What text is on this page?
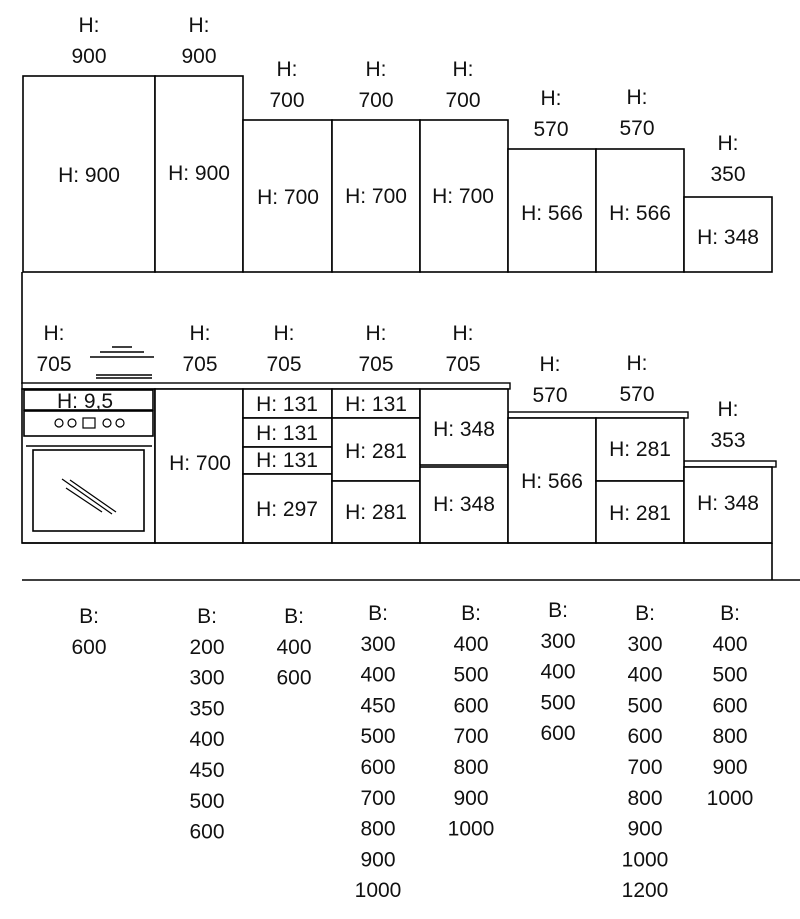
H:
900
H:
900
H:
700
H:
700
H:
700	H:
570
H:
570
H:
350
H: 900 H: 900
H: 700 H: 700 H: 700
H: 566 H: 566
H: 348
H:
705
H:
705
H:
705
H:
705
H:
705	H:
570
H:
570
H:
353
H: 9,5
H: 700
H: 131
H: 131
H: 131
H: 297
H: 131
H: 281
H: 281
H: 348
H: 348
H: 566
H: 281
H: 281 H: 348
B:
600
B:
200
300
350
400
450
500
600
B:
400
600
B:
300
400
450
500
600
700
800
900
1000
B:
400
500
600
700
800
900
1000
B:
300
400
500
600
B:
300
400
500
600
700
800
900
1000
1200
B:
400
500
600
800
900
1000
